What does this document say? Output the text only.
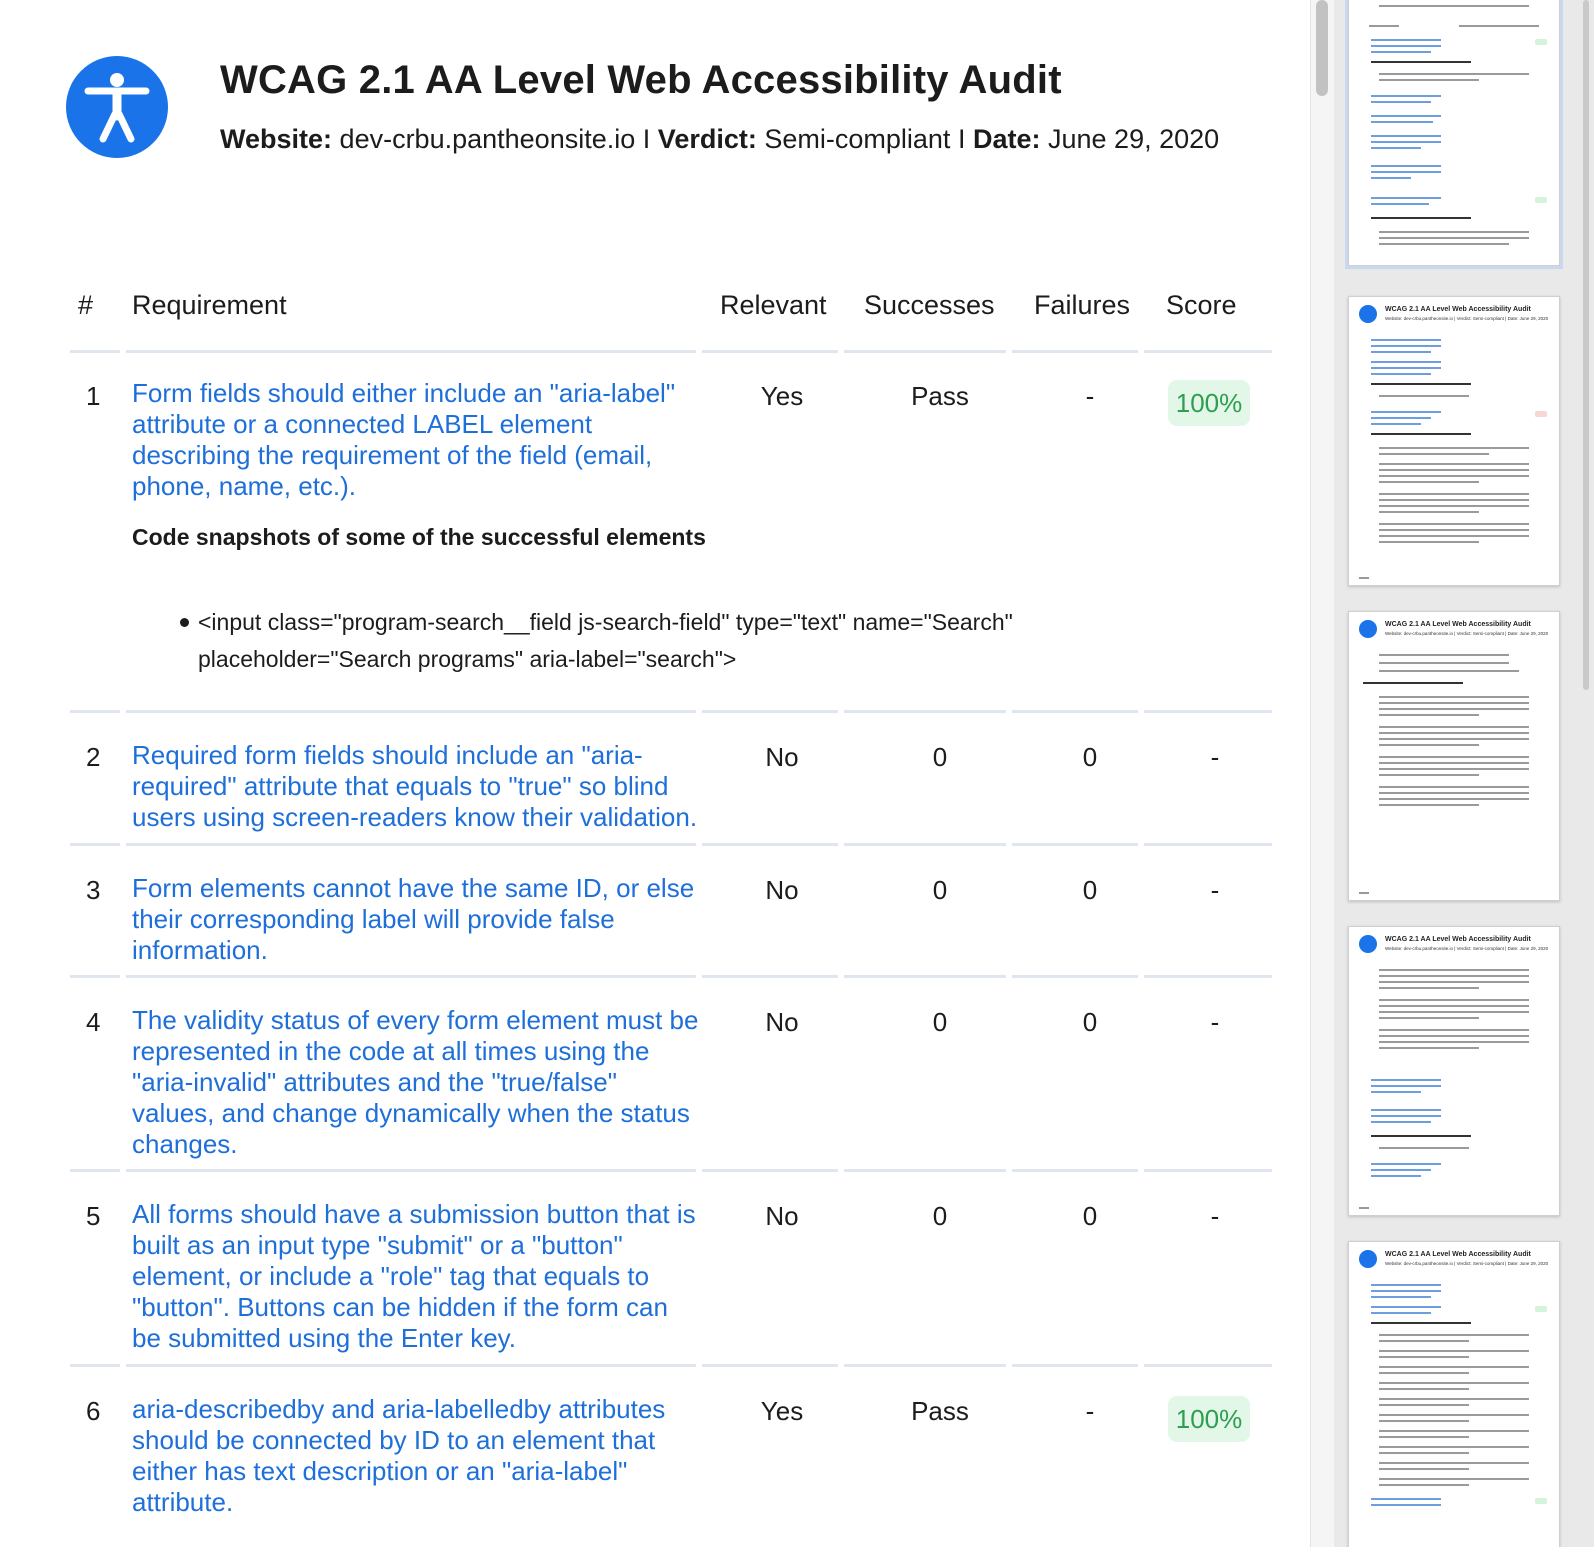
WCAG 2.1 AA Level Web Accessibility Audit
Website: dev-crbu.pantheonsite.io I Verdict: Semi-compliant I Date: June 29, 2020
# Requirement	Relevant Successes Failures Score
1 Form fields should either include an "aria-label" attribute or a connected LABEL element describing the requirement of the field (email, phone, name, etc.).
Yes	Pass	-	100%
Code snapshots of some of the successful elements
<input class="program-search__field js-search-field" type="text" name="Search" placeholder="Search programs" aria-label="search">
2 Required form fields should include an "aria-required" attribute that equals to "true" so blind users using screen-readers know their validation.
No	0	0	-
3 Form elements cannot have the same ID, or else their corresponding label will provide false information.
No	0	0	-
4 The validity status of every form element must be represented in the code at all times using the "aria-invalid" attributes and the "true/false" values, and change dynamically when the status changes.
No	0	0	-
5 All forms should have a submission button that is built as an input type "submit" or a "button" element, or include a "role" tag that equals to "button". Buttons can be hidden if the form can be submitted using the Enter key.
No	0	0	-
6 aria-describedby and aria-labelledby attributes should be connected by ID to an element that either has text description or an "aria-label" attribute.
Yes	Pass	-	100%
WCAG 2.1 AA Level Web Accessibility Audit
Website: dev-crbu.pantheonsite.io | Verdict: Semi-compliant | Date: June 29, 2020
WCAG 2.1 AA Level Web Accessibility Audit
Website: dev-crbu.pantheonsite.io | Verdict: Semi-compliant | Date: June 29, 2020
WCAG 2.1 AA Level Web Accessibility Audit
Website: dev-crbu.pantheonsite.io | Verdict: Semi-compliant | Date: June 29, 2020
WCAG 2.1 AA Level Web Accessibility Audit
Website: dev-crbu.pantheonsite.io | Verdict: Semi-compliant | Date: June 29, 2020
